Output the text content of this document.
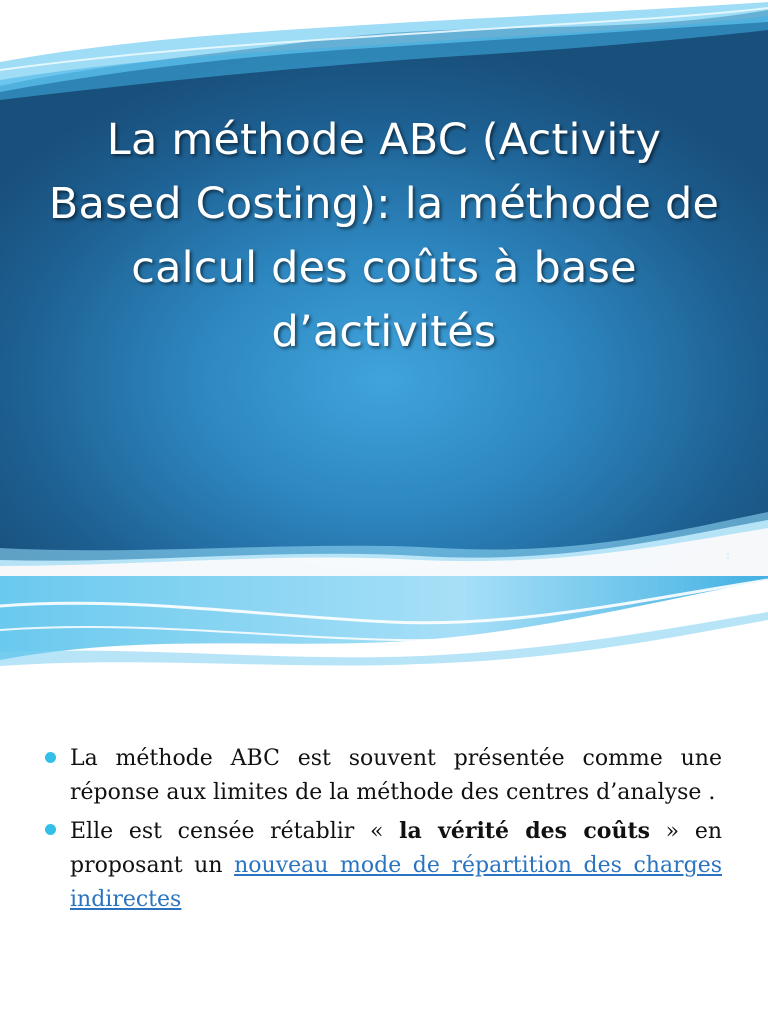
La méthode ABC (Activity Based Costing): la méthode de calcul des coûts à base d’activités
1
La méthode ABC est souvent présentée comme une réponse aux limites de la méthode des centres d’analyse .
Elle est censée rétablir « la vérité des coûts » en proposant un nouveau mode de répartition des charges indirectes
